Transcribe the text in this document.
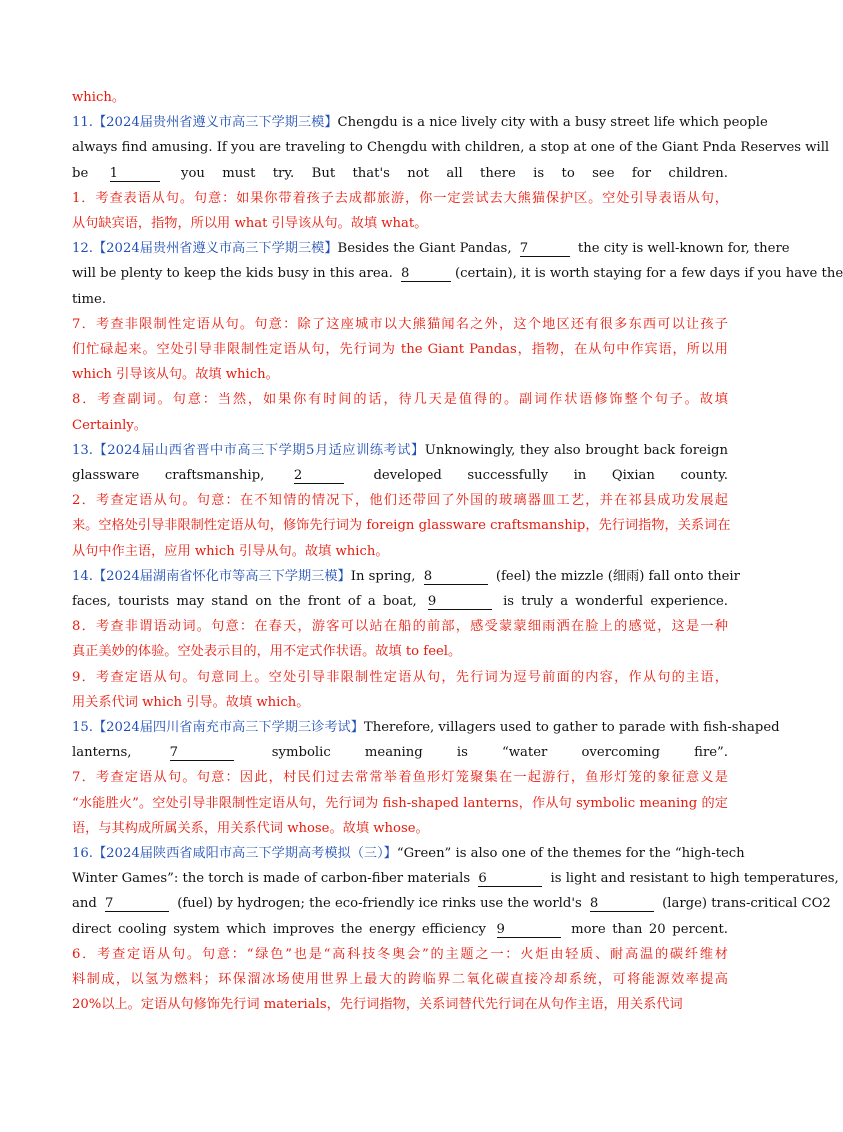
which。
11.【2024届贵州省遵义市高三下学期三模】Chengdu is a nice lively city with a busy street life which people
always find amusing. If you are traveling to Chengdu with children, a stop at one of the Giant Pnda Reserves will
be 1	you must try. But that's not all there is to see for children.
1．考查表语从句。句意：如果你带着孩子去成都旅游，你一定尝试去大熊猫保护区。空处引导表语从句，
从句缺宾语，指物，所以用 what 引导该从句。故填 what。
12.【2024届贵州省遵义市高三下学期三模】Besides the Giant Pandas, 7	the city is well-known for, there
will be plenty to keep the kids busy in this area. 8	(certain), it is worth staying for a few days if you have the
time.
7．考查非限制性定语从句。句意：除了这座城市以大熊猫闻名之外，这个地区还有很多东西可以让孩子
们忙碌起来。空处引导非限制性定语从句，先行词为 the Giant Pandas，指物，在从句中作宾语，所以用
which 引导该从句。故填 which。
8．考查副词。句意：当然，如果你有时间的话，待几天是值得的。副词作状语修饰整个句子。故填
Certainly。
13.【2024届山西省晋中市高三下学期5月适应训练考试】Unknowingly, they also brought back foreign
glassware craftsmanship, 2	developed successfully in Qixian county.
2．考查定语从句。句意：在不知情的情况下，他们还带回了外国的玻璃器皿工艺，并在祁县成功发展起
来。空格处引导非限制性定语从句，修饰先行词为 foreign glassware craftsmanship，先行词指物，关系词在
从句中作主语，应用 which 引导从句。故填 which。
14.【2024届湖南省怀化市等高三下学期三模】In spring, 8	(feel) the mizzle (细雨) fall onto their
faces, tourists may stand on the front of a boat, 9	is truly a wonderful experience.
8．考查非谓语动词。句意：在春天，游客可以站在船的前部，感受蒙蒙细雨洒在脸上的感觉，这是一种
真正美妙的体验。空处表示目的，用不定式作状语。故填 to feel。
9．考查定语从句。句意同上。空处引导非限制性定语从句，先行词为逗号前面的内容，作从句的主语，
用关系代词 which 引导。故填 which。
15.【2024届四川省南充市高三下学期三诊考试】Therefore, villagers used to gather to parade with fish-shaped
lanterns, 7	symbolic meaning is “water overcoming fire”.
7．考查定语从句。句意：因此，村民们过去常常举着鱼形灯笼聚集在一起游行，鱼形灯笼的象征意义是
“水能胜火”。空处引导非限制性定语从句，先行词为 fish-shaped lanterns，作从句 symbolic meaning 的定
语，与其构成所属关系，用关系代词 whose。故填 whose。
16.【2024届陕西省咸阳市高三下学期高考模拟（三）】“Green” is also one of the themes for the “high-tech
Winter Games”: the torch is made of carbon-fiber materials 6	is light and resistant to high temperatures,
and 7	(fuel) by hydrogen; the eco-friendly ice rinks use the world's 8	(large) trans-critical CO2
direct cooling system which improves the energy efficiency 9	more than 20 percent.
6．考查定语从句。句意：“绿色”也是“高科技冬奥会”的主题之一：火炬由轻质、耐高温的碳纤维材
料制成，以氢为燃料；环保溜冰场使用世界上最大的跨临界二氧化碳直接冷却系统，可将能源效率提高
20%以上。定语从句修饰先行词 materials，先行词指物，关系词替代先行词在从句作主语，用关系代词
